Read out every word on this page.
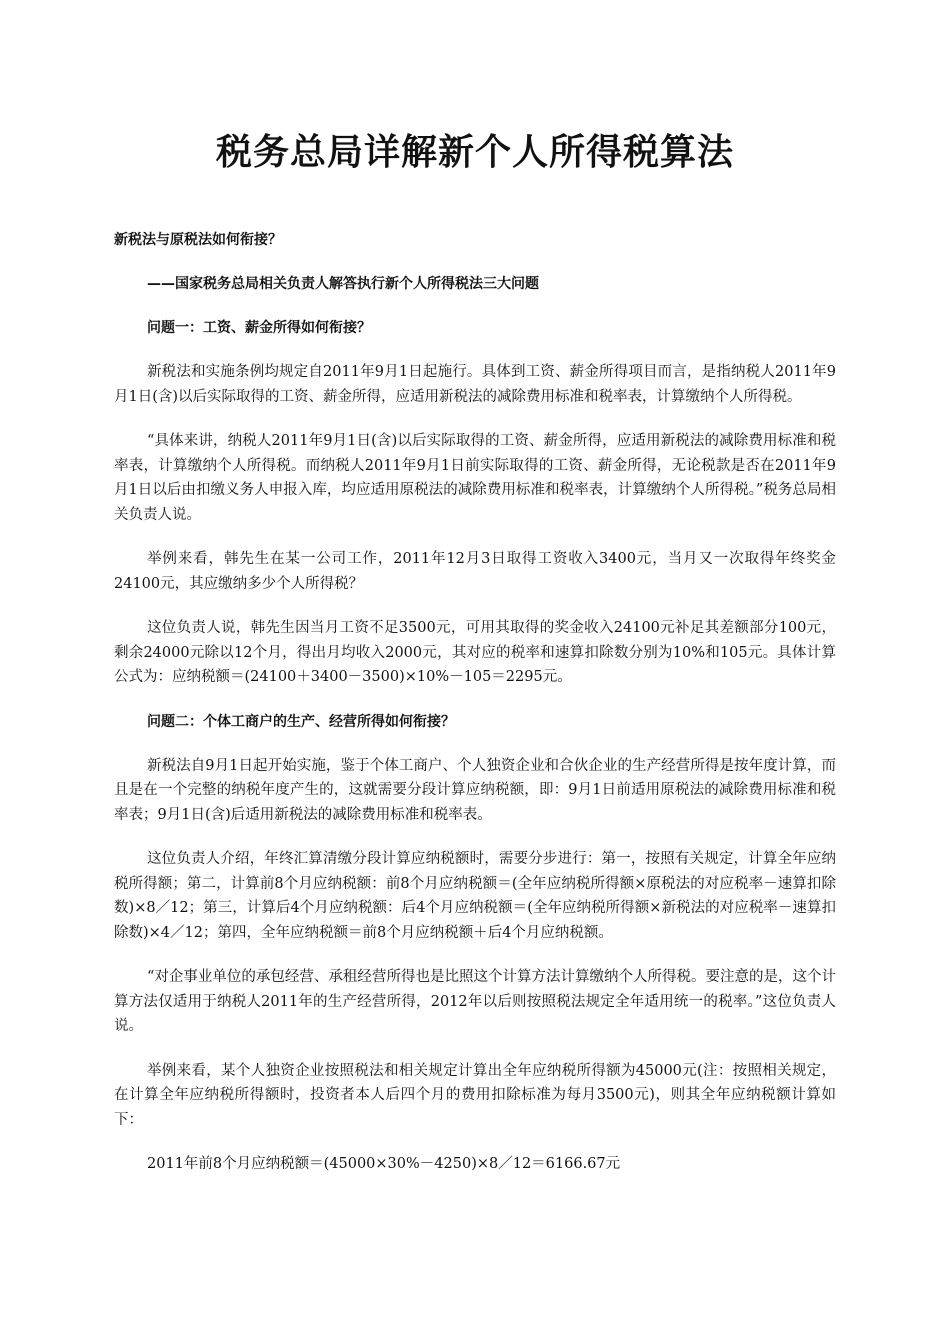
税务总局详解新个人所得税算法
新税法与原税法如何衔接？
——国家税务总局相关负责人解答执行新个人所得税法三大问题
问题一：工资、薪金所得如何衔接？
新税法和实施条例均规定自2011年9月1日起施行。具体到工资、薪金所得项目而言，是指纳税人2011年9月1日(含)以后实际取得的工资、薪金所得，应适用新税法的减除费用标准和税率表，计算缴纳个人所得税。
“具体来讲，纳税人2011年9月1日(含)以后实际取得的工资、薪金所得，应适用新税法的减除费用标准和税率表，计算缴纳个人所得税。而纳税人2011年9月1日前实际取得的工资、薪金所得，无论税款是否在2011年9月1日以后由扣缴义务人申报入库，均应适用原税法的减除费用标准和税率表，计算缴纳个人所得税。”税务总局相关负责人说。
举例来看，韩先生在某一公司工作，2011年12月3日取得工资收入3400元，当月又一次取得年终奖金24100元，其应缴纳多少个人所得税？
这位负责人说，韩先生因当月工资不足3500元，可用其取得的奖金收入24100元补足其差额部分100元，剩余24000元除以12个月，得出月均收入2000元，其对应的税率和速算扣除数分别为10%和105元。具体计算公式为：应纳税额＝(24100＋3400－3500)×10%－105＝2295元。
问题二：个体工商户的生产、经营所得如何衔接？
新税法自9月1日起开始实施，鉴于个体工商户、个人独资企业和合伙企业的生产经营所得是按年度计算，而且是在一个完整的纳税年度产生的，这就需要分段计算应纳税额，即：9月1日前适用原税法的减除费用标准和税率表；9月1日(含)后适用新税法的减除费用标准和税率表。
这位负责人介绍，年终汇算清缴分段计算应纳税额时，需要分步进行：第一，按照有关规定，计算全年应纳税所得额；第二，计算前8个月应纳税额：前8个月应纳税额＝(全年应纳税所得额×原税法的对应税率－速算扣除数)×8／12；第三，计算后4个月应纳税额：后4个月应纳税额＝(全年应纳税所得额×新税法的对应税率－速算扣除数)×4／12；第四，全年应纳税额＝前8个月应纳税额＋后4个月应纳税额。
“对企事业单位的承包经营、承租经营所得也是比照这个计算方法计算缴纳个人所得税。要注意的是，这个计算方法仅适用于纳税人2011年的生产经营所得，2012年以后则按照税法规定全年适用统一的税率。”这位负责人说。
举例来看，某个人独资企业按照税法和相关规定计算出全年应纳税所得额为45000元(注：按照相关规定，在计算全年应纳税所得额时，投资者本人后四个月的费用扣除标准为每月3500元)，则其全年应纳税额计算如下：
2011年前8个月应纳税额＝(45000×30%－4250)×8／12＝6166.67元
